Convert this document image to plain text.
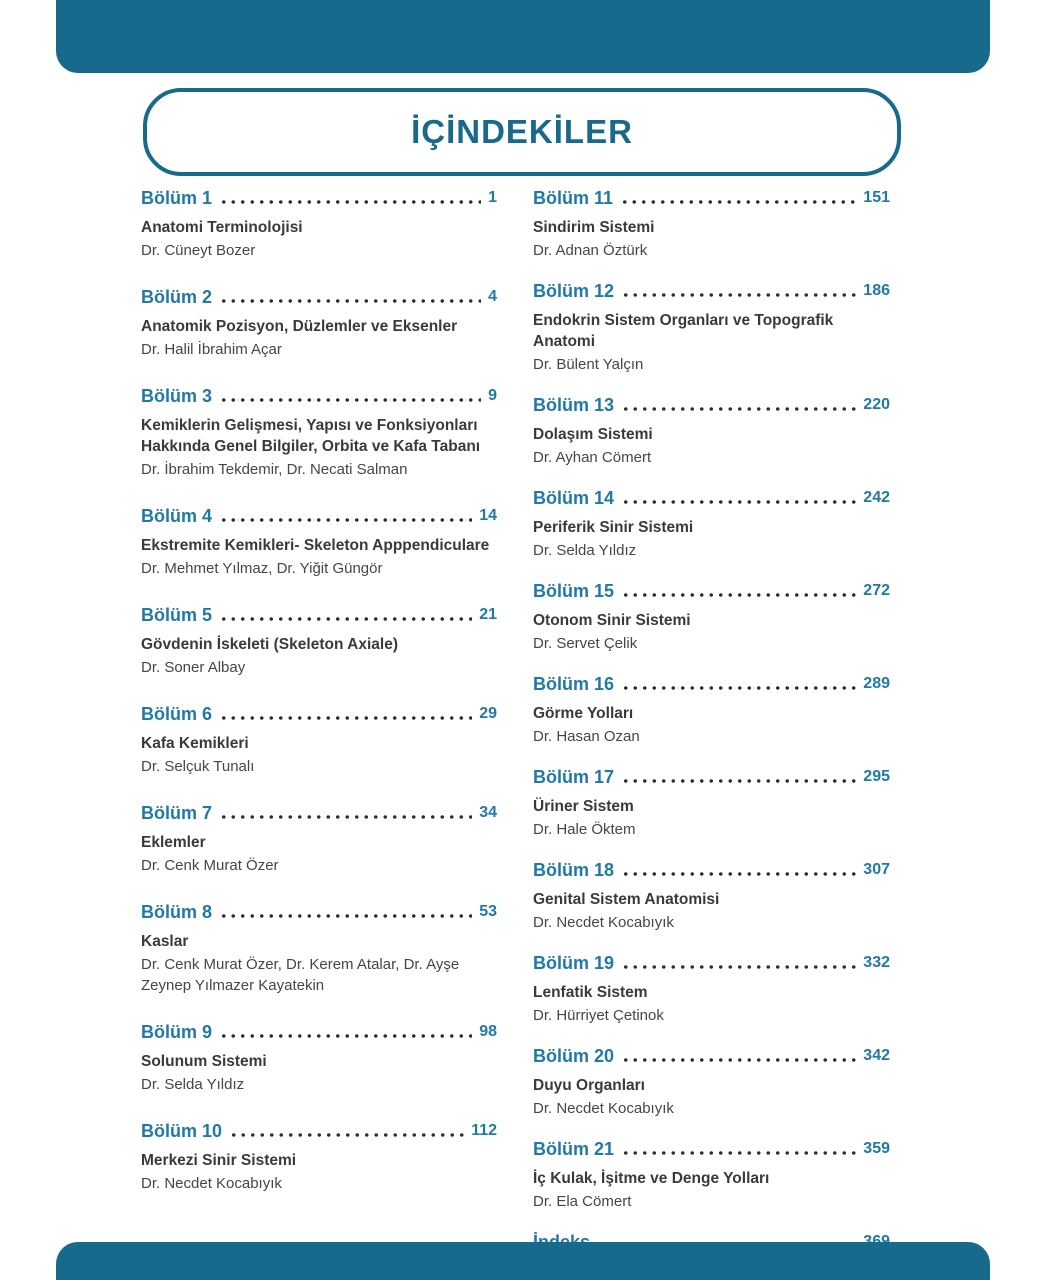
İÇİNDEKİLER
Bölüm 1	1
Anatomi Terminolojisi
Dr. Cüneyt Bozer
Bölüm 2	4
Anatomik Pozisyon, Düzlemler ve Eksenler
Dr. Halil İbrahim Açar
Bölüm 3	9
Kemiklerin Gelişmesi, Yapısı ve Fonksiyonları Hakkında Genel Bilgiler, Orbita ve Kafa Tabanı
Dr. İbrahim Tekdemir, Dr. Necati Salman
Bölüm 4	14
Ekstremite Kemikleri- Skeleton Apppendiculare
Dr. Mehmet Yılmaz, Dr. Yiğit Güngör
Bölüm 5	21
Gövdenin İskeleti (Skeleton Axiale)
Dr. Soner Albay
Bölüm 6	29
Kafa Kemikleri
Dr. Selçuk Tunalı
Bölüm 7	34
Eklemler
Dr. Cenk Murat Özer
Bölüm 8	53
Kaslar
Dr. Cenk Murat Özer, Dr. Kerem Atalar, Dr. Ayşe Zeynep Yılmazer Kayatekin
Bölüm 9	98
Solunum Sistemi
Dr. Selda Yıldız
Bölüm 10	112
Merkezi Sinir Sistemi
Dr. Necdet Kocabıyık
Bölüm 11	151
Sindirim Sistemi
Dr. Adnan Öztürk
Bölüm 12	186
Endokrin Sistem Organları ve Topografik Anatomi
Dr. Bülent Yalçın
Bölüm 13	220
Dolaşım Sistemi
Dr. Ayhan Cömert
Bölüm 14	242
Periferik Sinir Sistemi
Dr. Selda Yıldız
Bölüm 15	272
Otonom Sinir Sistemi
Dr. Servet Çelik
Bölüm 16	289
Görme Yolları
Dr. Hasan Ozan
Bölüm 17	295
Üriner Sistem
Dr. Hale Öktem
Bölüm 18	307
Genital Sistem Anatomisi
Dr. Necdet Kocabıyık
Bölüm 19	332
Lenfatik Sistem
Dr. Hürriyet Çetinok
Bölüm 20	342
Duyu Organları
Dr. Necdet Kocabıyık
Bölüm 21	359
İç Kulak, İşitme ve Denge Yolları
Dr. Ela Cömert
